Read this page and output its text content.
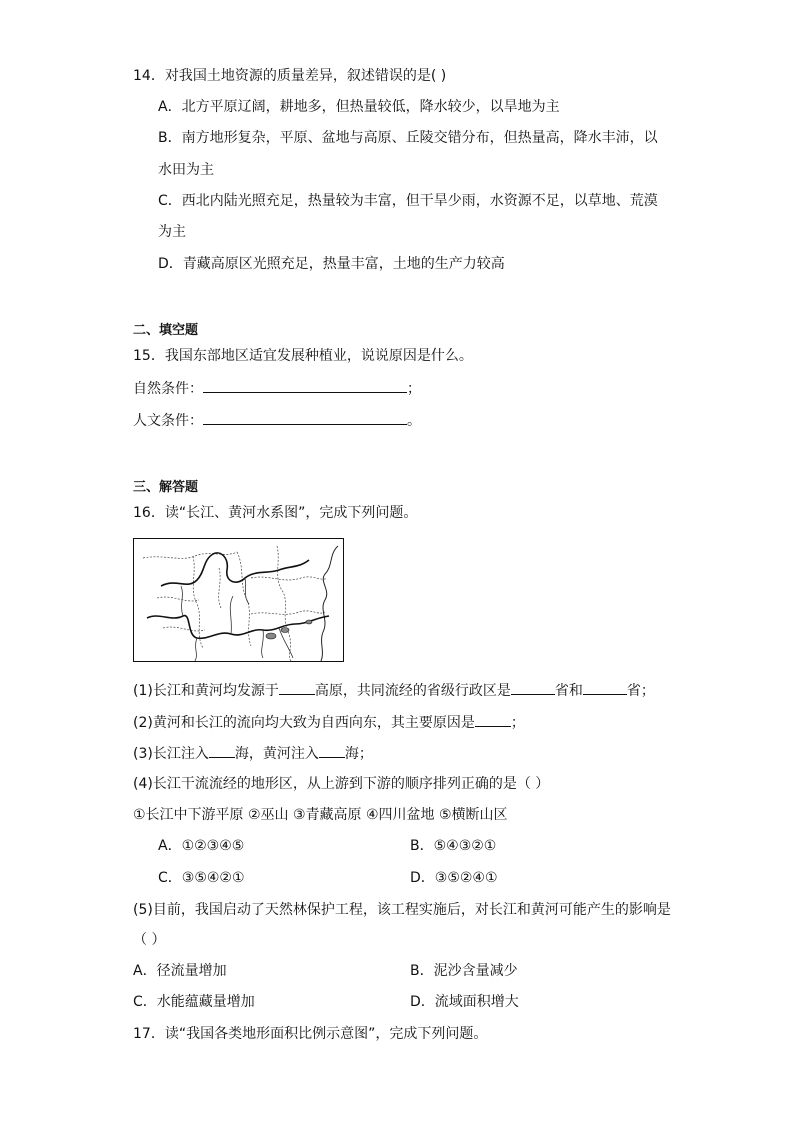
14．对我国土地资源的质量差异，叙述错误的是( )
A．北方平原辽阔，耕地多，但热量较低，降水较少，以旱地为主
B．南方地形复杂，平原、盆地与高原、丘陵交错分布，但热量高，降水丰沛，以
水田为主
C．西北内陆光照充足，热量较为丰富，但干旱少雨，水资源不足，以草地、荒漠
为主
D．青藏高原区光照充足，热量丰富，土地的生产力较高
二、填空题
15．我国东部地区适宜发展种植业，说说原因是什么。
自然条件：	；
人文条件：	。
三、解答题
16．读“长江、黄河水系图”，完成下列问题。
(1)长江和黄河均发源于	高原，共同流经的省级行政区是	省和	省；
(2)黄河和长江的流向均大致为自西向东，其主要原因是	；
(3)长江注入 海，黄河注入 海；
(4)长江干流流经的地形区，从上游到下游的顺序排列正确的是（ ）
①长江中下游平原 ②巫山 ③青藏高原 ④四川盆地 ⑤横断山区
A．①②③④⑤	B．⑤④③②①
C．③⑤④②①	D．③⑤②④①
(5)目前，我国启动了天然林保护工程，该工程实施后，对长江和黄河可能产生的影响是
（ ）
A．径流量增加	B．泥沙含量减少
C．水能蕴藏量增加	D．流域面积增大
17．读“我国各类地形面积比例示意图”，完成下列问题。
